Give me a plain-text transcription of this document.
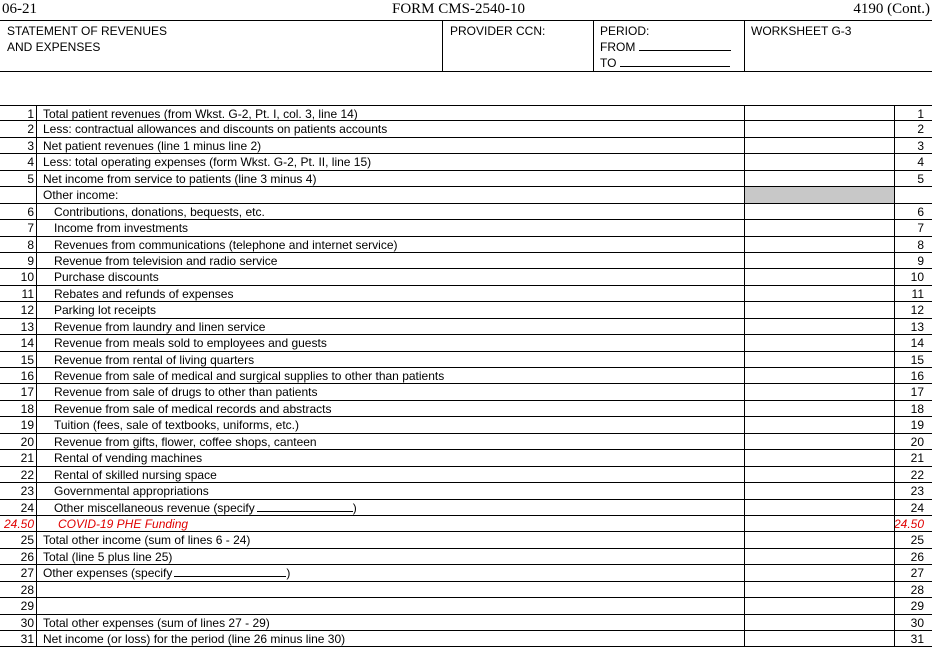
06-21	FORM CMS-2540-10	4190 (Cont.)
STATEMENT OF REVENUES
AND EXPENSES
PROVIDER CCN:	PERIOD:
FROM
TO
WORKSHEET G-3
1 Total patient revenues (from Wkst. G-2, Pt. I, col. 3, line 14)	1
2 Less: contractual allowances and discounts on patients accounts	2
3 Net patient revenues (line 1 minus line 2)	3
4 Less: total operating expenses (form Wkst. G-2, Pt. II, line 15)	4
5 Net income from service to patients (line 3 minus 4)	5
Other income:
6 Contributions, donations, bequests, etc.	6
7 Income from investments	7
8 Revenues from communications (telephone and internet service)	8
9 Revenue from television and radio service	9
10 Purchase discounts	10
11 Rebates and refunds of expenses	11
12 Parking lot receipts	12
13 Revenue from laundry and linen service	13
14 Revenue from meals sold to employees and guests	14
15 Revenue from rental of living quarters	15
16 Revenue from sale of medical and surgical supplies to other than patients	16
17 Revenue from sale of drugs to other than patients	17
18 Revenue from sale of medical records and abstracts	18
19 Tuition (fees, sale of textbooks, uniforms, etc.)	19
20 Revenue from gifts, flower, coffee shops, canteen	20
21 Rental of vending machines	21
22 Rental of skilled nursing space	22
23 Governmental appropriations	23
24 Other miscellaneous revenue (specify	)	24
24.50 COVID-19 PHE Funding	24.50
25 Total other income (sum of lines 6 - 24)	25
26 Total (line 5 plus line 25)	26
27 Other expenses (specify	)	27
28	28
29	29
30 Total other expenses (sum of lines 27 - 29)	30
31 Net income (or loss) for the period (line 26 minus line 30)	31
